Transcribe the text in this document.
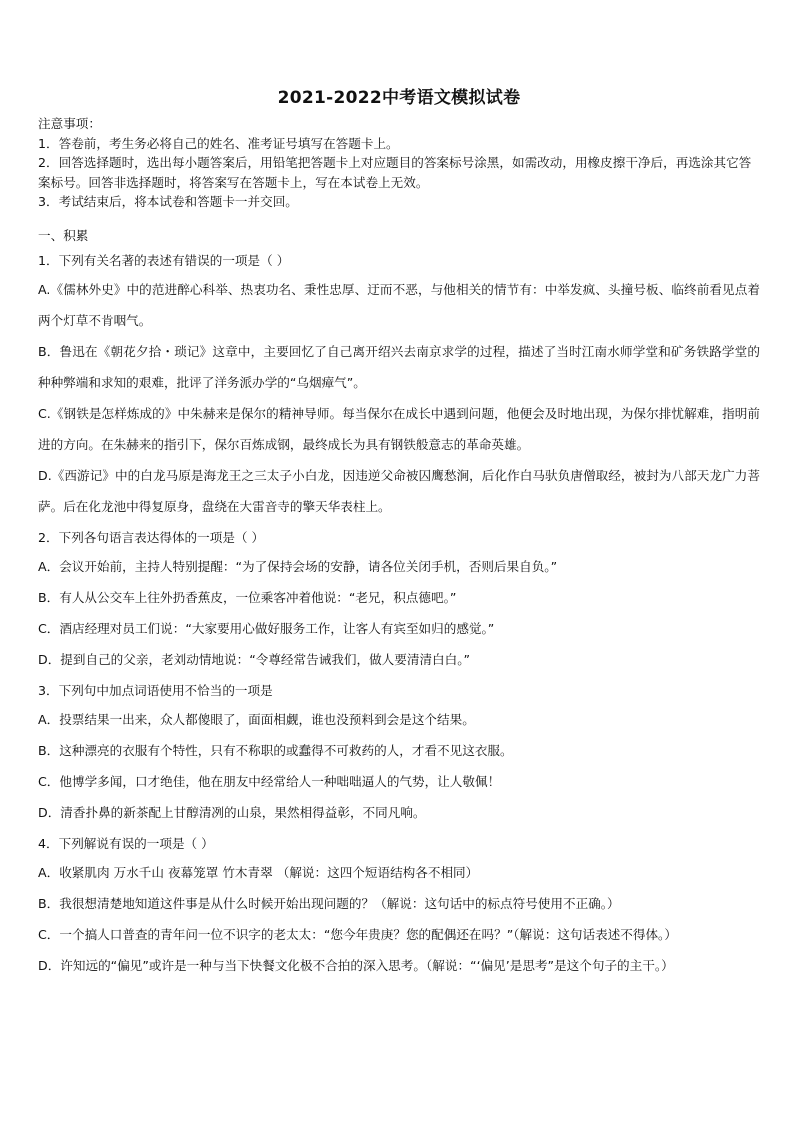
2021-2022中考语文模拟试卷

注意事项：

1．答卷前，考生务必将自己的姓名、准考证号填写在答题卡上。

2．回答选择题时，选出每小题答案后，用铅笔把答题卡上对应题目的答案标号涂黑，如需改动，用橡皮擦干净后，再选涂其它答案标号。回答非选择题时，将答案写在答题卡上，写在本试卷上无效。

3．考试结束后，将本试卷和答题卡一并交回。

一、积累

1．下列有关名著的表述有错误的一项是（ ）

A.《儒林外史》中的范进醉心科举、热衷功名、秉性忠厚、迂而不恶，与他相关的情节有：中举发疯、头撞号板、临终前看见点着两个灯草不肯咽气。

B．鲁迅在《朝花夕拾・琐记》这章中，主要回忆了自己离开绍兴去南京求学的过程，描述了当时江南水师学堂和矿务铁路学堂的种种弊端和求知的艰难，批评了洋务派办学的“乌烟瘴气”。

C.《钢铁是怎样炼成的》中朱赫来是保尔的精神导师。每当保尔在成长中遇到问题，他便会及时地出现，为保尔排忧解难，指明前进的方向。在朱赫来的指引下，保尔百炼成钢，最终成长为具有钢铁般意志的革命英雄。

D.《西游记》中的白龙马原是海龙王之三太子小白龙，因违逆父命被囚鹰愁涧，后化作白马驮负唐僧取经，被封为八部天龙广力菩萨。后在化龙池中得复原身，盘绕在大雷音寺的擎天华表柱上。

2．下列各句语言表达得体的一项是（ ）

A．会议开始前，主持人特别提醒：“为了保持会场的安静，请各位关闭手机，否则后果自负。”

B．有人从公交车上往外扔香蕉皮，一位乘客冲着他说：“老兄，积点德吧。”

C．酒店经理对员工们说：“大家要用心做好服务工作，让客人有宾至如归的感觉。”

D．提到自己的父亲，老刘动情地说：“令尊经常告诫我们，做人要清清白白。”

3．下列句中加点词语使用不恰当的一项是

A．投票结果一出来，众人都傻眼了，面面相觑，谁也没预料到会是这个结果。

B．这种漂亮的衣服有个特性，只有不称职的或蠢得不可救药的人，才看不见这衣服。

C．他博学多闻，口才绝佳，他在朋友中经常给人一种咄咄逼人的气势，让人敬佩！

D．清香扑鼻的新茶配上甘醇清冽的山泉，果然相得益彰，不同凡响。

4．下列解说有误的一项是（ ）

A．收紧肌肉 万水千山 夜幕笼罩 竹木青翠 （解说：这四个短语结构各不相同）

B．我很想清楚地知道这件事是从什么时候开始出现问题的？（解说：这句话中的标点符号使用不正确。）

C．一个搞人口普查的青年问一位不识字的老太太：“您今年贵庚？您的配偶还在吗？”（解说：这句话表述不得体。）

D．许知远的“偏见”或许是一种与当下快餐文化极不合拍的深入思考。（解说：“‘偏见’是思考”是这个句子的主干。）
